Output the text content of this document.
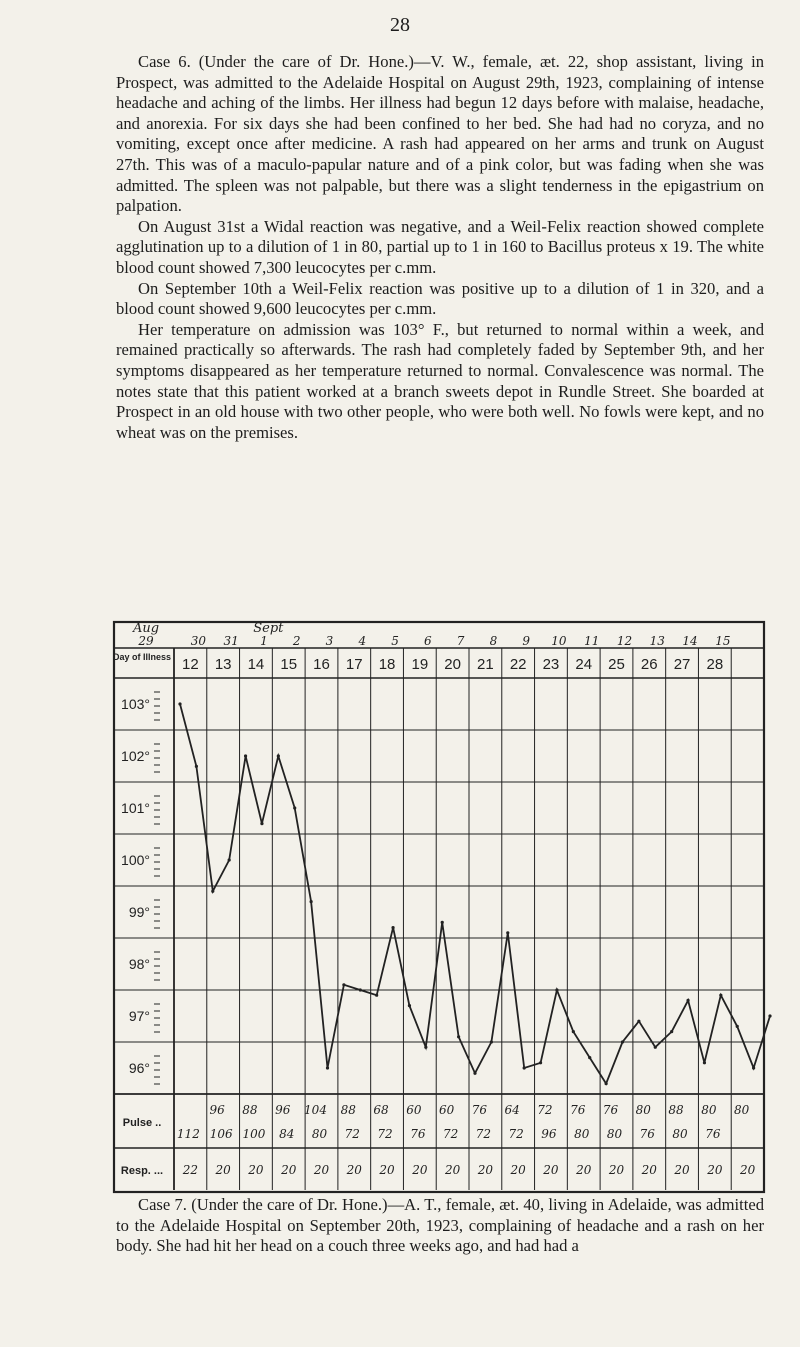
28

Case 6. (Under the care of Dr. Hone.)—V. W., female, æt. 22, shop assistant, living in Prospect, was admitted to the Adelaide Hospital on August 29th, 1923, complaining of intense headache and aching of the limbs. Her illness had begun 12 days before with malaise, headache, and anorexia. For six days she had been confined to her bed. She had had no coryza, and no vomiting, except once after medicine. A rash had appeared on her arms and trunk on August 27th. This was of a maculo-papular nature and of a pink color, but was fading when she was admitted. The spleen was not palpable, but there was a slight tenderness in the epigastrium on palpation.

On August 31st a Widal reaction was negative, and a Weil-Felix reaction showed complete agglutination up to a dilution of 1 in 80, partial up to 1 in 160 to Bacillus proteus x 19. The white blood count showed 7,300 leucocytes per c.mm.

On September 10th a Weil-Felix reaction was positive up to a dilution of 1 in 320, and a blood count showed 9,600 leucocytes per c.mm.

Her temperature on admission was 103° F., but returned to normal within a week, and remained practically so afterwards. The rash had completely faded by September 9th, and her symptoms disappeared as her temperature returned to normal. Convalescence was normal. The notes state that this patient worked at a branch sweets depot in Rundle Street. She boarded at Prospect in an old house with two other people, who were both well. No fowls were kept, and no wheat was on the premises.

Aug	Sept
29	30 31 1 2 3 4 5 6 7 8 9 10 11 12 13 14 15
Day of Illness 12 13 14 15 16 17 18 19 20 21 22 23 24 25 26 27 28
103°
102°
101°
100°
99°
98°
97°
96°
Pulse ..
112
96
106
88
100
96
84
104
80
88
72
68
72
60
76
60
72
76
72
64
72
72
96
76
80
76
80
80
76
88
80
80
76
80
Resp. ... 22 20 20 20 20 20 20 20 20 20 20 20 20 20 20 20 20 20

Case 7. (Under the care of Dr. Hone.)—A. T., female, æt. 40, living in Adelaide, was admitted to the Adelaide Hospital on September 20th, 1923, complaining of headache and a rash on her body. She had hit her head on a couch three weeks ago, and had had a
